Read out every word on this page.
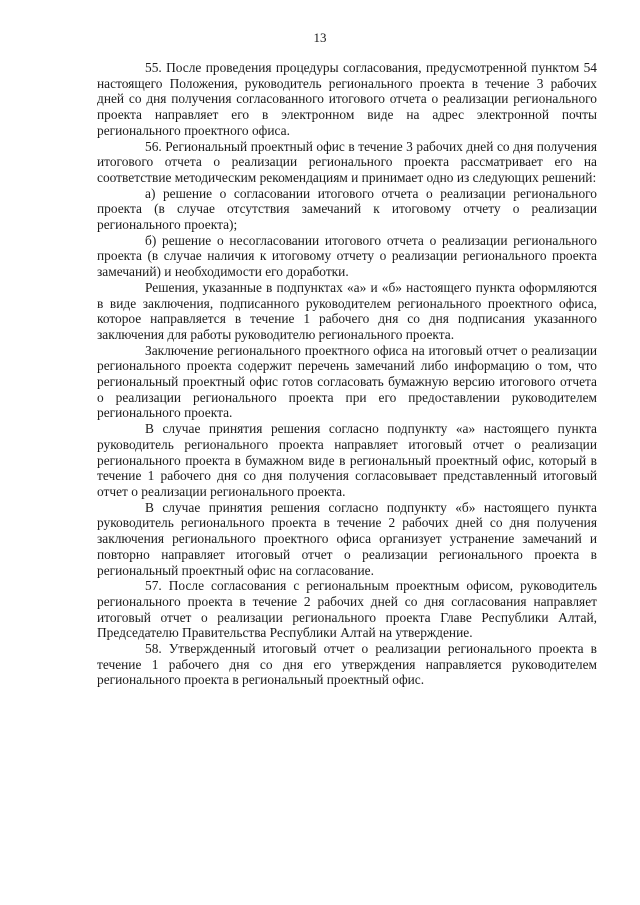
13

55. После проведения процедуры согласования, предусмотренной пунктом 54 настоящего Положения, руководитель регионального проекта в течение 3 рабочих дней со дня получения согласованного итогового отчета о реализации регионального проекта направляет его в электронном виде на адрес электронной почты регионального проектного офиса.

56. Региональный проектный офис в течение 3 рабочих дней со дня получения итогового отчета о реализации регионального проекта рассматривает его на соответствие методическим рекомендациям и принимает одно из следующих решений:

а) решение о согласовании итогового отчета о реализации регионального проекта (в случае отсутствия замечаний к итоговому отчету о реализации регионального проекта);

б) решение о несогласовании итогового отчета о реализации регионального проекта (в случае наличия к итоговому отчету о реализации регионального проекта замечаний) и необходимости его доработки.

Решения, указанные в подпунктах «а» и «б» настоящего пункта оформляются в виде заключения, подписанного руководителем регионального проектного офиса, которое направляется в течение 1 рабочего дня со дня подписания указанного заключения для работы руководителю регионального проекта.

Заключение регионального проектного офиса на итоговый отчет о реализации регионального проекта содержит перечень замечаний либо информацию о том, что региональный проектный офис готов согласовать бумажную версию итогового отчета о реализации регионального проекта при его предоставлении руководителем регионального проекта.

В случае принятия решения согласно подпункту «а» настоящего пункта руководитель регионального проекта направляет итоговый отчет о реализации регионального проекта в бумажном виде в региональный проектный офис, который в течение 1 рабочего дня со дня получения согласовывает представленный итоговый отчет о реализации регионального проекта.

В случае принятия решения согласно подпункту «б» настоящего пункта руководитель регионального проекта в течение 2 рабочих дней со дня получения заключения регионального проектного офиса организует устранение замечаний и повторно направляет итоговый отчет о реализации регионального проекта в региональный проектный офис на согласование.

57. После согласования с региональным проектным офисом, руководитель регионального проекта в течение 2 рабочих дней со дня согласования направляет итоговый отчет о реализации регионального проекта Главе Республики Алтай, Председателю Правительства Республики Алтай на утверждение.

58. Утвержденный итоговый отчет о реализации регионального проекта в течение 1 рабочего дня со дня его утверждения направляется руководителем регионального проекта в региональный проектный офис.
